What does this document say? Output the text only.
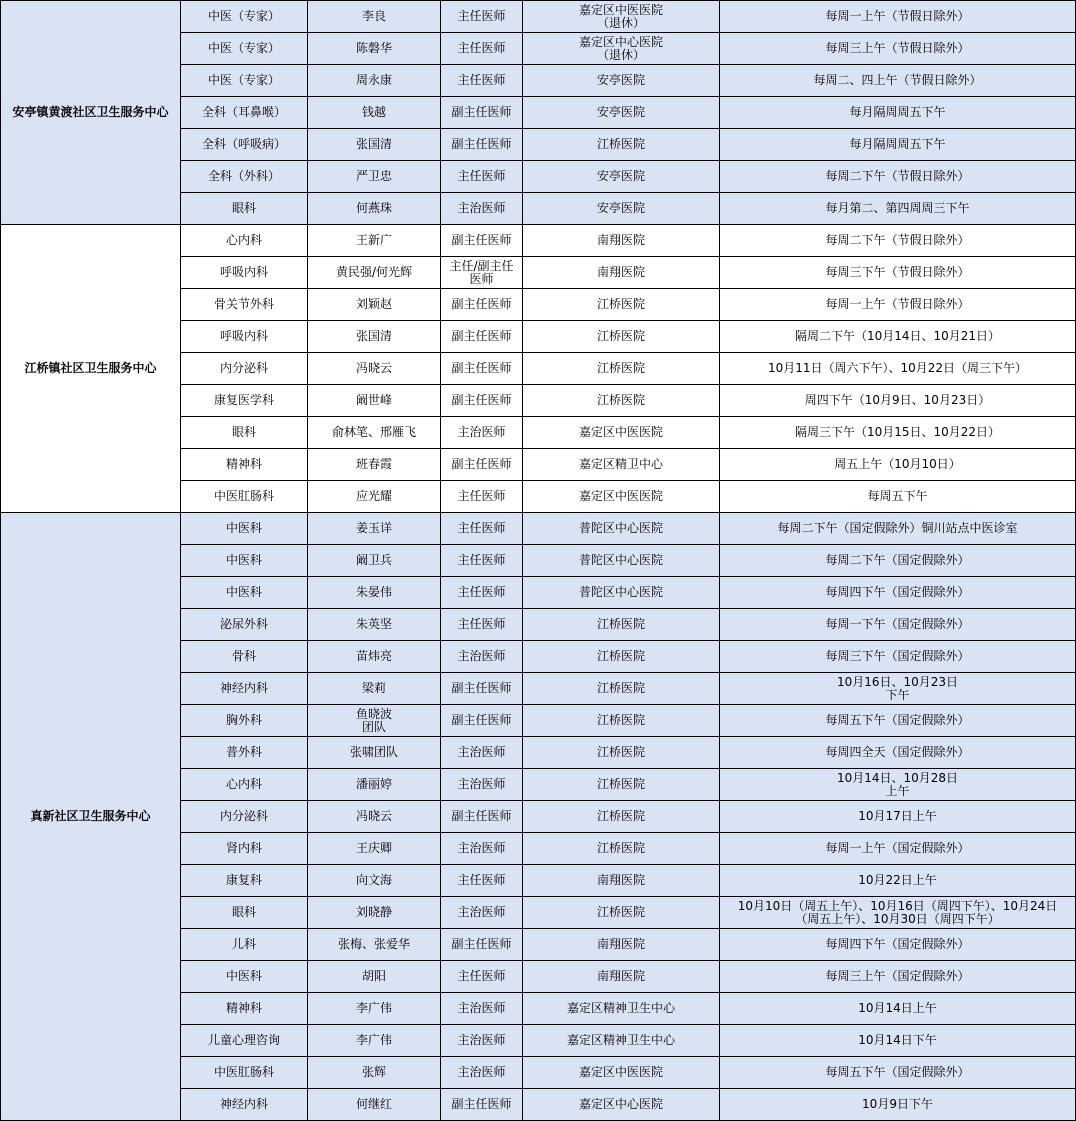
安亭镇黄渡社区卫生服务中心	中医（专家）	李良	主任医师	嘉定区中医医院
（退休）	每周一上午（节假日除外）
	中医（专家）	陈磐华	主任医师	嘉定区中心医院
（退休）	每周三上午（节假日除外）
	中医（专家）	周永康	主任医师	安亭医院	每周二、四上午（节假日除外）
	全科（耳鼻喉）	钱越	副主任医师	安亭医院	每月隔周周五下午
	全科（呼吸病）	张国清	副主任医师	江桥医院	每月隔周周五下午
	全科（外科）	严卫忠	主任医师	安亭医院	每周二下午（节假日除外）
	眼科	何燕珠	主治医师	安亭医院	每月第二、第四周周三下午
江桥镇社区卫生服务中心	心内科	王新广	副主任医师	南翔医院	每周二下午（节假日除外）
	呼吸内科	黄民强/何光辉	主任/副主任
医师	南翔医院	每周三下午（节假日除外）
	骨关节外科	刘颖赵	副主任医师	江桥医院	每周一上午（节假日除外）
	呼吸内科	张国清	副主任医师	江桥医院	隔周二下午（10月14日、10月21日）
	内分泌科	冯晓云	副主任医师	江桥医院	10月11日（周六下午）、10月22日（周三下午）
	康复医学科	阚世峰	副主任医师	江桥医院	周四下午（10月9日、10月23日）
	眼科	俞林笔、邢雁飞	主治医师	嘉定区中医医院	隔周三下午（10月15日、10月22日）
	精神科	班春霞	副主任医师	嘉定区精卫中心	周五上午（10月10日）
	中医肛肠科	应光耀	主任医师	嘉定区中医医院	每周五下午
真新社区卫生服务中心	中医科	姜玉详	主任医师	普陀区中心医院	每周二下午（国定假除外）铜川站点中医诊室
	中医科	阚卫兵	主任医师	普陀区中心医院	每周二下午（国定假除外）
	中医科	朱晏伟	主任医师	普陀区中心医院	每周四下午（国定假除外）
	泌尿外科	朱英坚	主任医师	江桥医院	每周一下午（国定假除外）
	骨科	苗炜亮	主治医师	江桥医院	每周三下午（国定假除外）
	神经内科	梁莉	副主任医师	江桥医院	10月16日、10月23日
下午
	胸外科	鱼晓波
团队	副主任医师	江桥医院	每周五下午（国定假除外）
	普外科	张啸团队	主治医师	江桥医院	每周四全天（国定假除外）
	心内科	潘丽婷	主治医师	江桥医院	10月14日、10月28日
上午
	内分泌科	冯晓云	副主任医师	江桥医院	10月17日上午
	肾内科	王庆卿	主治医师	江桥医院	每周一上午（国定假除外）
	康复科	向文海	主任医师	南翔医院	10月22日上午
	眼科	刘晓静	主治医师	江桥医院	10月10日（周五上午）、10月16日（周四下午）、10月24日
（周五上午）、10月30日（周四下午）
	儿科	张梅、张爱华	副主任医师	南翔医院	每周四下午（国定假除外）
	中医科	胡阳	主任医师	南翔医院	每周三上午（国定假除外）
	精神科	李广伟	主治医师	嘉定区精神卫生中心	10月14日上午
	儿童心理咨询	李广伟	主治医师	嘉定区精神卫生中心	10月14日下午
	中医肛肠科	张辉	主治医师	嘉定区中医医院	每周五下午（国定假除外）
	神经内科	何继红	副主任医师	嘉定区中心医院	10月9日下午
